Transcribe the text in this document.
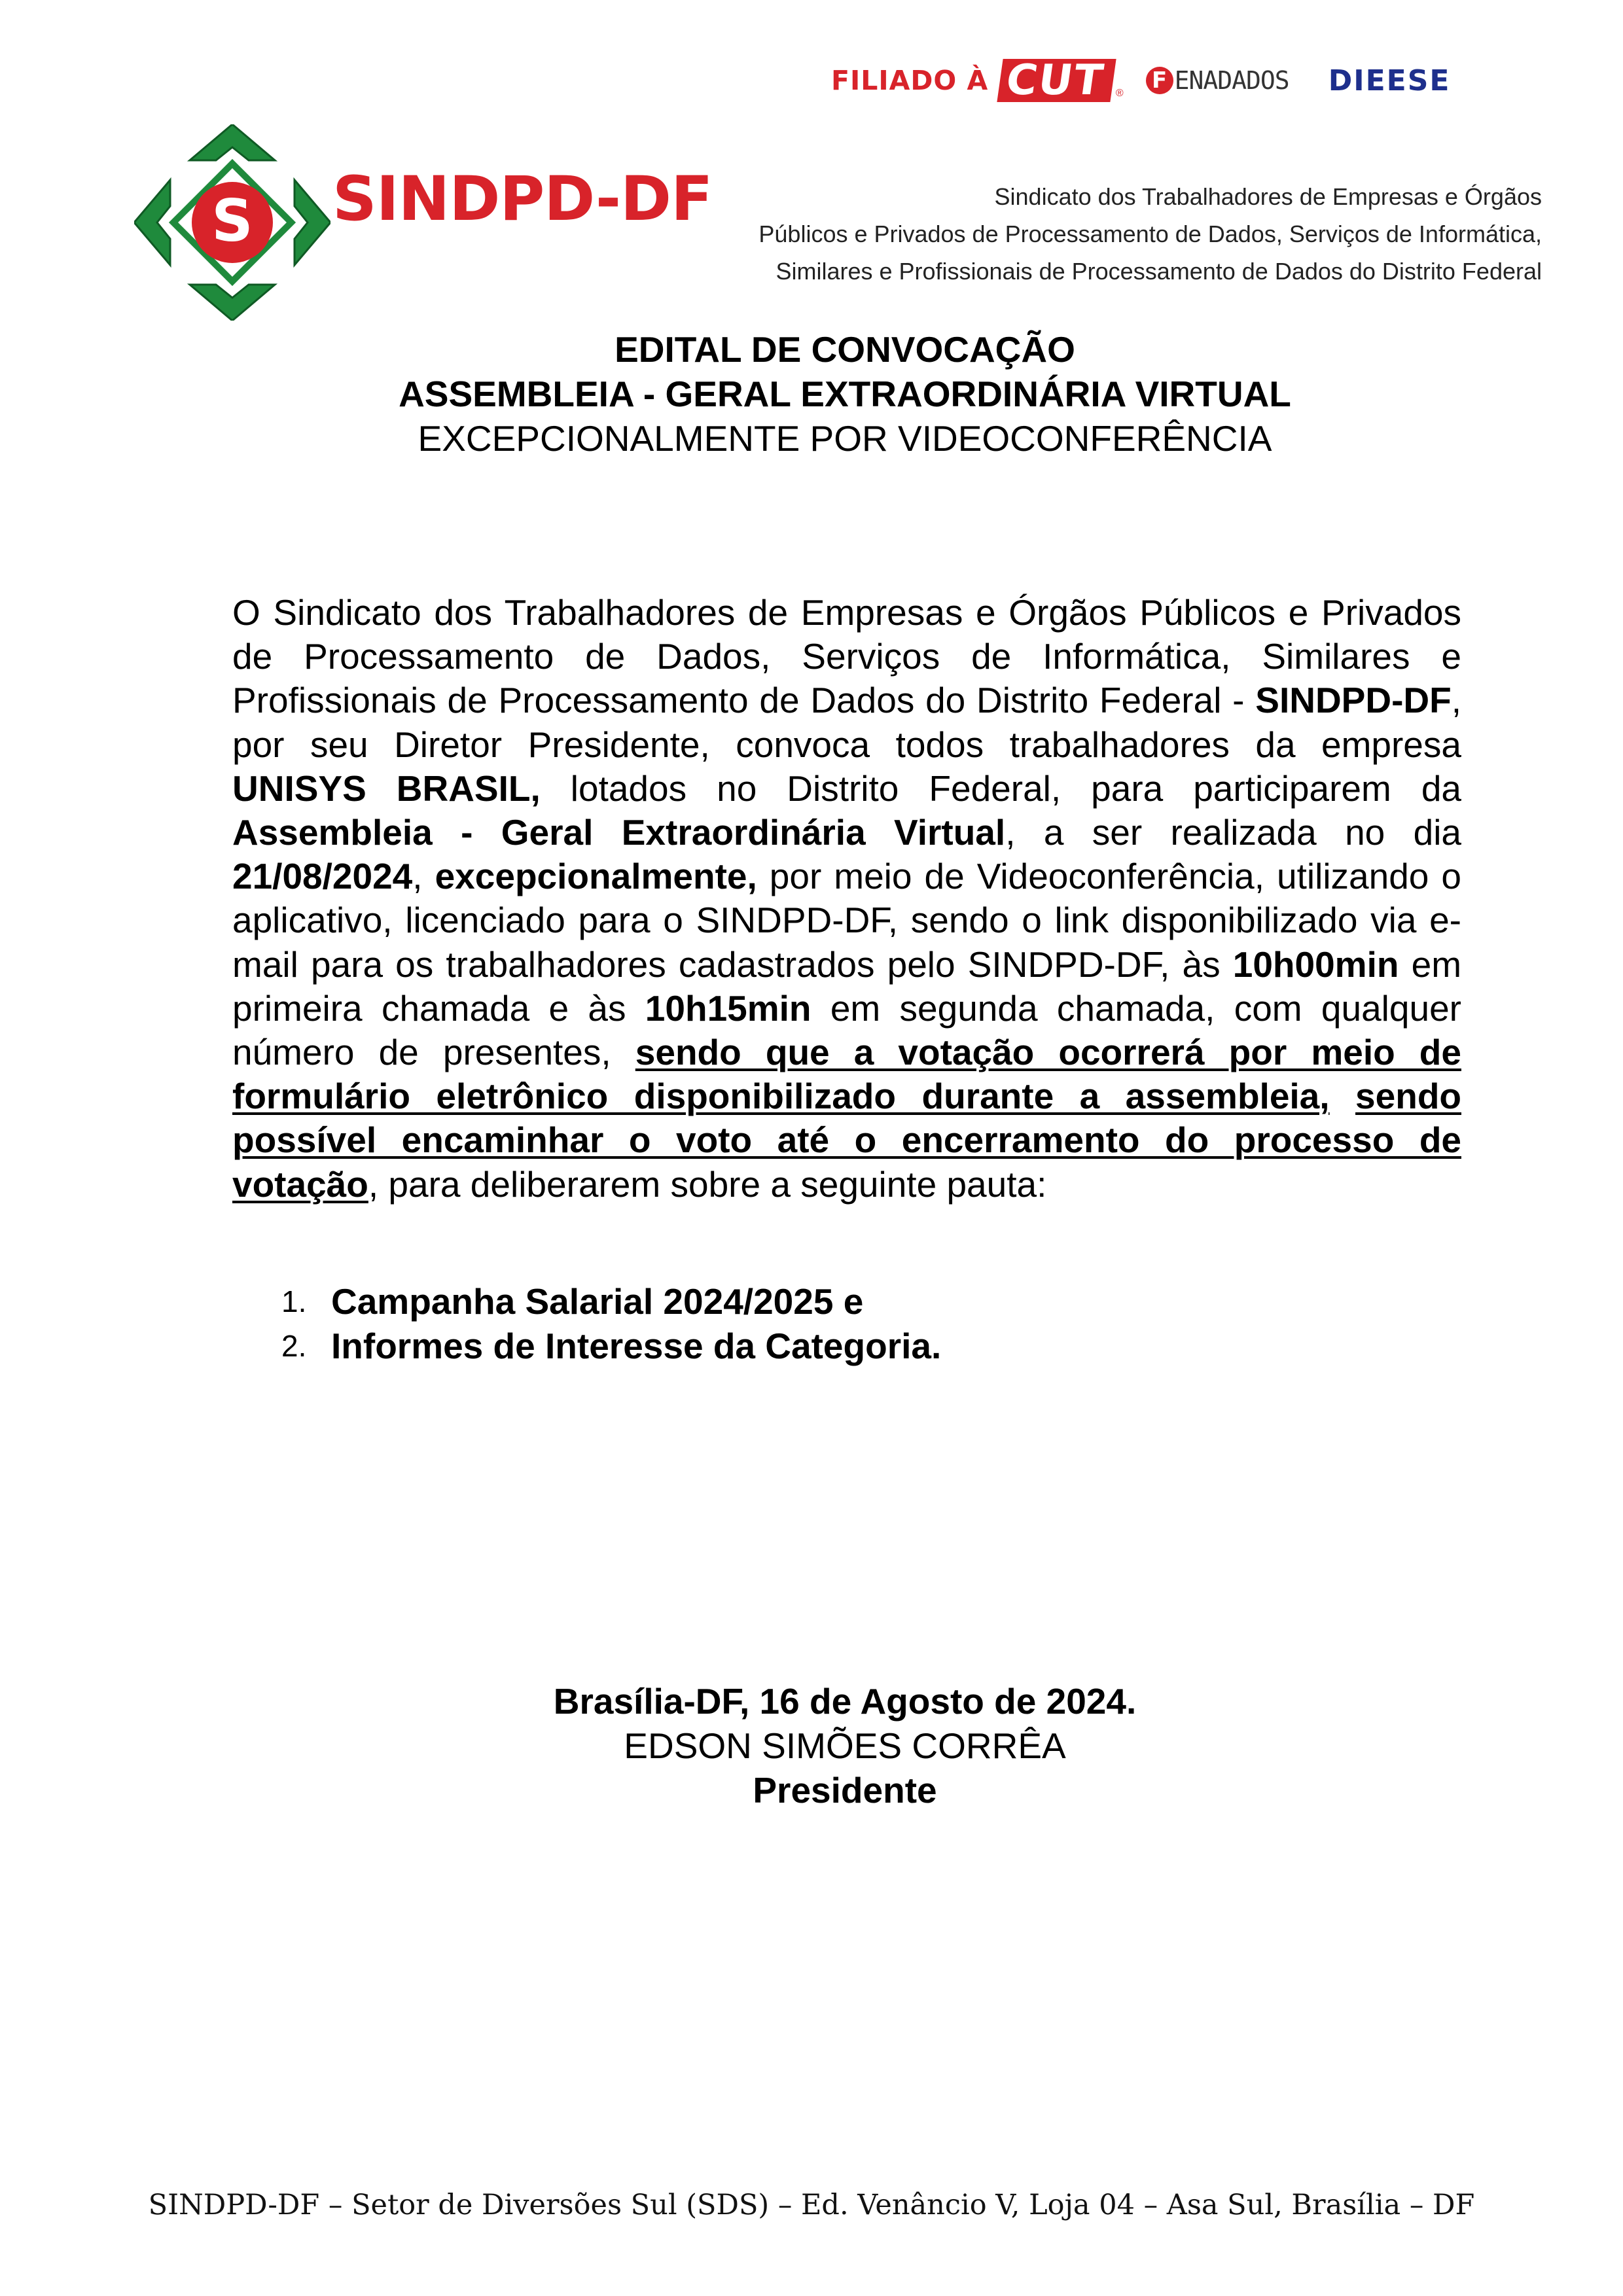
FILIADO À CUT ® F ENADADOS DIEESE
S SINDPD-DF	Sindicato dos Trabalhadores de Empresas e Órgãos
Públicos e Privados de Processamento de Dados, Serviços de Informática,
Similares e Profissionais de Processamento de Dados do Distrito Federal
EDITAL DE CONVOCAÇÃO
ASSEMBLEIA - GERAL EXTRAORDINÁRIA VIRTUAL
EXCEPCIONALMENTE POR VIDEOCONFERÊNCIA
O Sindicato dos Trabalhadores de Empresas e Órgãos Públicos e Privados de Processamento de Dados, Serviços de Informática, Similares e Profissionais de Processamento de Dados do Distrito Federal - SINDPD-DF, por seu Diretor Presidente, convoca todos trabalhadores da empresa UNISYS BRASIL, lotados no Distrito Federal, para participarem da Assembleia - Geral Extraordinária Virtual, a ser realizada no dia 21/08/2024, excepcionalmente, por meio de Videoconferência, utilizando o aplicativo, licenciado para o SINDPD-DF, sendo o link disponibilizado via e-mail para os trabalhadores cadastrados pelo SINDPD-DF, às 10h00min em primeira chamada e às 10h15min em segunda chamada, com qualquer número de presentes, sendo que a votação ocorrerá por meio de formulário eletrônico disponibilizado durante a assembleia, sendo possível encaminhar o voto até o encerramento do processo de votação, para deliberarem sobre a seguinte pauta:
1. Campanha Salarial 2024/2025 e
2. Informes de Interesse da Categoria.
Brasília-DF, 16 de Agosto de 2024.
EDSON SIMÕES CORRÊA
Presidente
SINDPD-DF – Setor de Diversões Sul (SDS) – Ed. Venâncio V, Loja 04 – Asa Sul, Brasília – DF
